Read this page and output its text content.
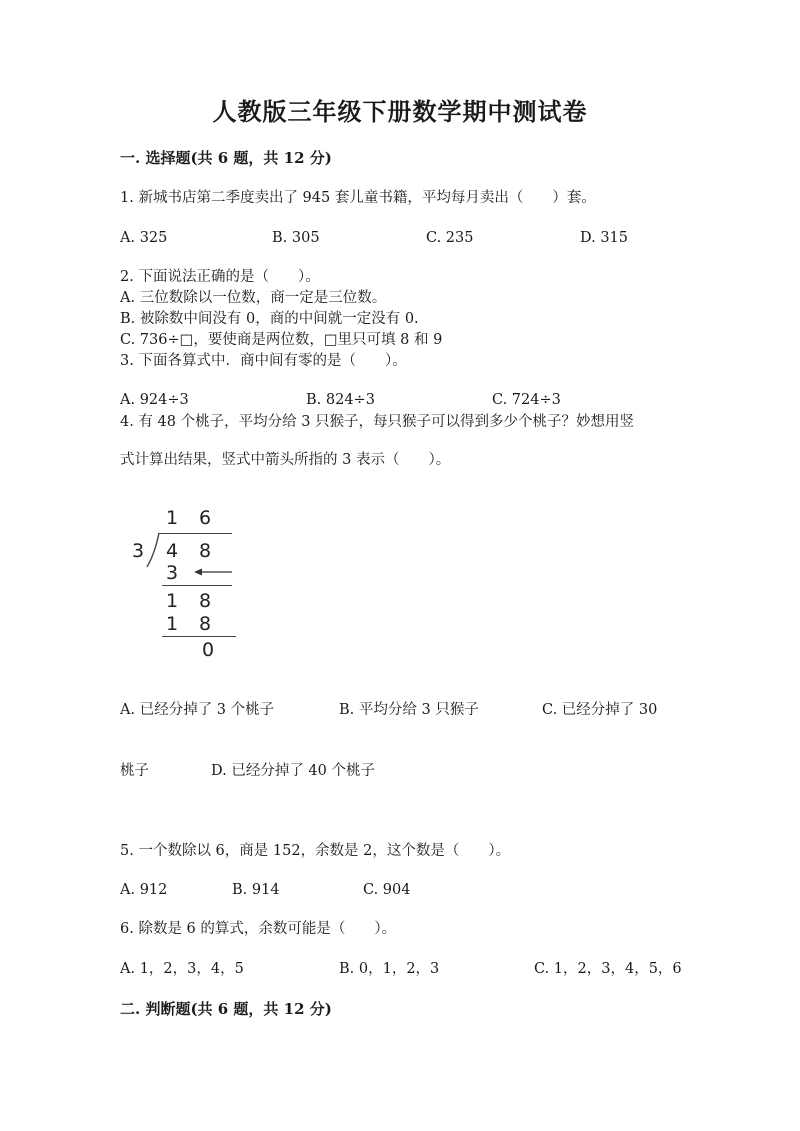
人教版三年级下册数学期中测试卷
一. 选择题(共 6 题，共 12 分)
1. 新城书店第二季度卖出了 945 套儿童书籍，平均每月卖出（　　）套。
A. 325	B. 305	C. 235	D. 315
2. 下面说法正确的是（　　）。
A. 三位数除以一位数，商一定是三位数。
B. 被除数中间没有 0，商的中间就一定没有 0.
C. 736÷□，要使商是两位数，□里只可填 8 和 9
3. 下面各算式中．商中间有零的是（　　）。
A. 924÷3	B. 824÷3	C. 724÷3
4. 有 48 个桃子，平均分给 3 只猴子，每只猴子可以得到多少个桃子？妙想用竖
式计算出结果，竖式中箭头所指的 3 表示（　　）。
1 6
3 4 8
3
1 8
1 8
0
A. 已经分掉了 3 个桃子	B. 平均分给 3 只猴子	C. 已经分掉了 30
桃子	D. 已经分掉了 40 个桃子
5. 一个数除以 6，商是 152，余数是 2，这个数是（　　）。
A. 912	B. 914	C. 904
6. 除数是 6 的算式，余数可能是（　　）。
A. 1，2，3，4，5	B. 0，1，2，3	C. 1，2，3，4，5，6
二. 判断题(共 6 题，共 12 分)
